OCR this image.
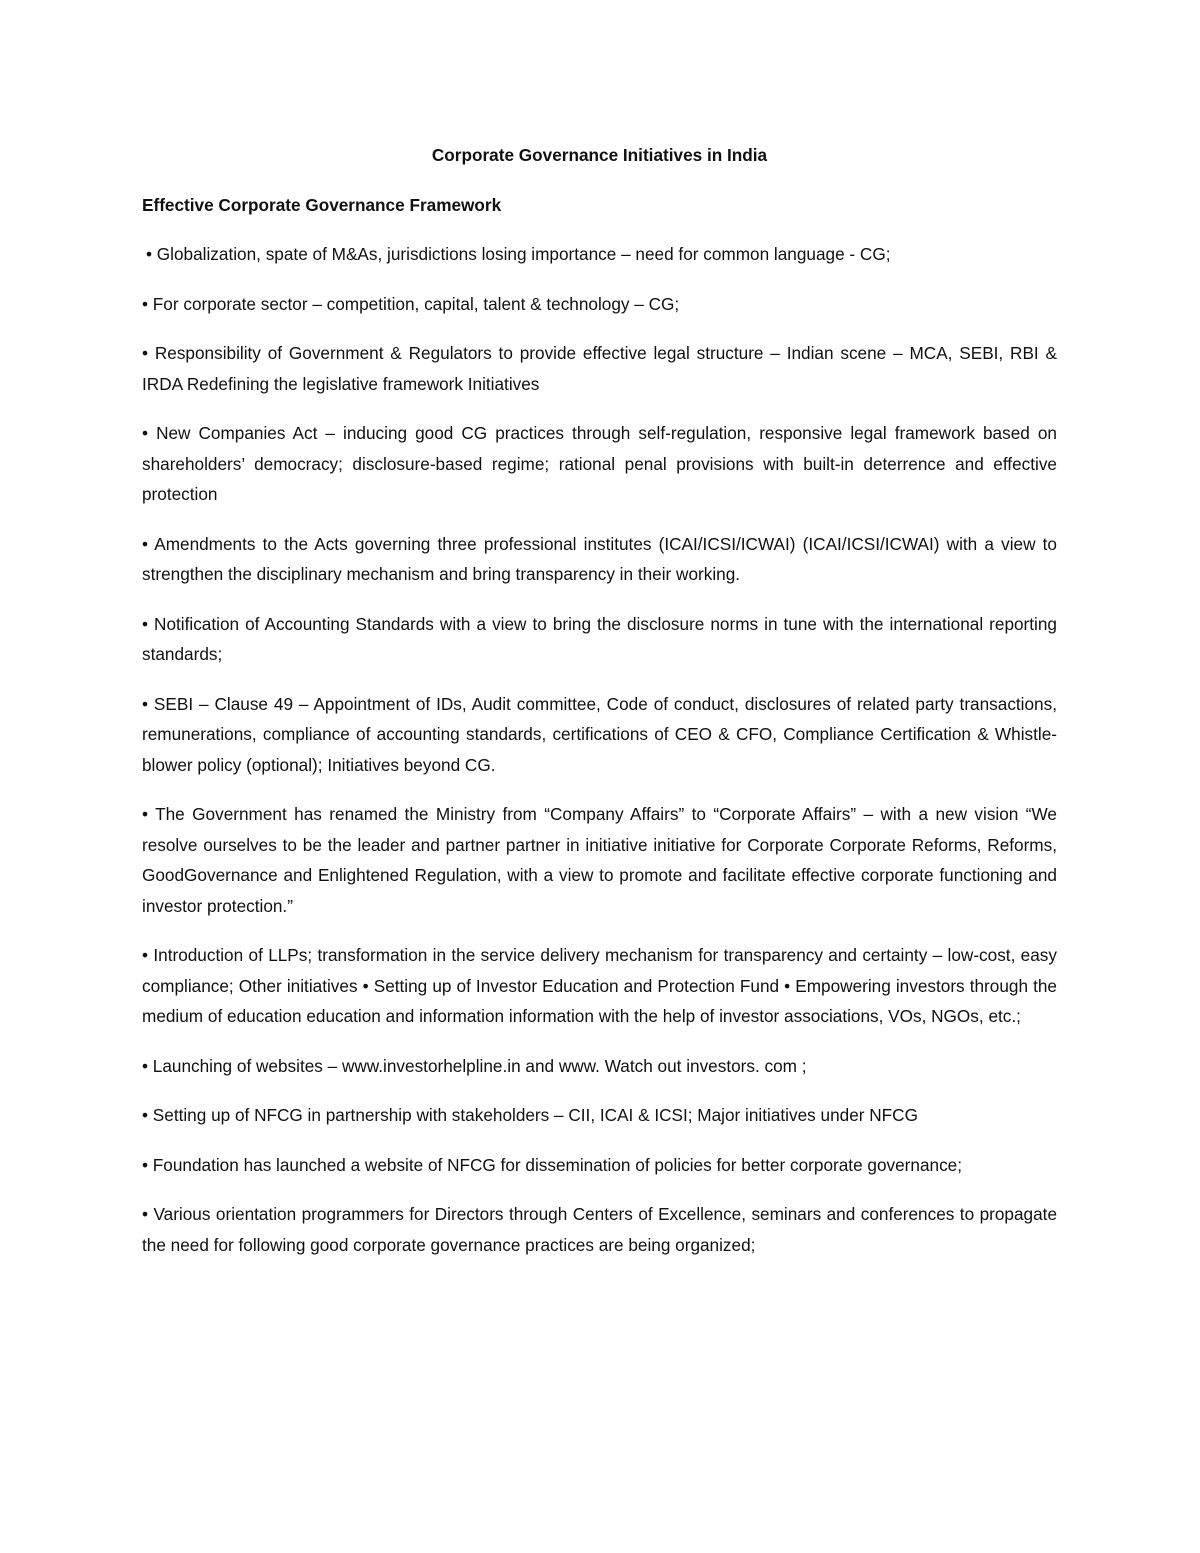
Corporate Governance Initiatives in India
Effective Corporate Governance Framework

• Globalization, spate of M&As, jurisdictions losing importance – need for common language - CG;

• For corporate sector – competition, capital, talent & technology – CG;

• Responsibility of Government & Regulators to provide effective legal structure – Indian scene – MCA, SEBI, RBI & IRDA Redefining the legislative framework Initiatives

• New Companies Act – inducing good CG practices through self-regulation, responsive legal framework based on shareholders’ democracy; disclosure-based regime; rational penal provisions with built-in deterrence and effective protection

• Amendments to the Acts governing three professional institutes (ICAI/ICSI/ICWAI) (ICAI/ICSI/ICWAI) with a view to strengthen the disciplinary mechanism and bring transparency in their working.

• Notification of Accounting Standards with a view to bring the disclosure norms in tune with the international reporting standards;

• SEBI – Clause 49 – Appointment of IDs, Audit committee, Code of conduct, disclosures of related party transactions, remunerations, compliance of accounting standards, certifications of CEO & CFO, Compliance Certification & Whistle-blower policy (optional); Initiatives beyond CG.

• The Government has renamed the Ministry from “Company Affairs” to “Corporate Affairs” – with a new vision “We resolve ourselves to be the leader and partner partner in initiative initiative for Corporate Corporate Reforms, Reforms, GoodGovernance and Enlightened Regulation, with a view to promote and facilitate effective corporate functioning and investor protection.”

• Introduction of LLPs; transformation in the service delivery mechanism for transparency and certainty – low-cost, easy compliance; Other initiatives • Setting up of Investor Education and Protection Fund • Empowering investors through the medium of education education and information information with the help of investor associations, VOs, NGOs, etc.;

• Launching of websites – www.investorhelpline.in and www. Watch out investors. com ;

• Setting up of NFCG in partnership with stakeholders – CII, ICAI & ICSI; Major initiatives under NFCG

• Foundation has launched a website of NFCG for dissemination of policies for better corporate governance;

• Various orientation programmers for Directors through Centers of Excellence, seminars and conferences to propagate the need for following good corporate governance practices are being organized;
